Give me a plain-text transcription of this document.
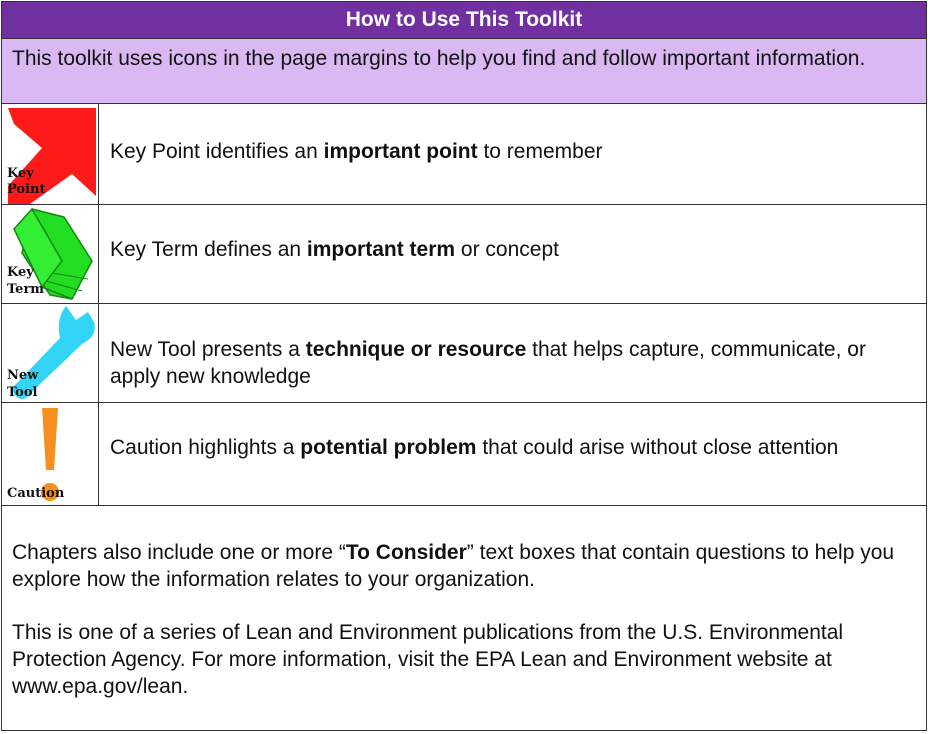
How to Use This Toolkit
This toolkit uses icons in the page margins to help you find and follow important information.
Key
Point
Key Point identifies an important point to remember
Key
Term
Key Term defines an important term or concept
New
Tool
New Tool presents a technique or resource that helps capture, communicate, or apply new knowledge
Caution
Caution highlights a potential problem that could arise without close attention
Chapters also include one or more “To Consider” text boxes that contain questions to help you explore how the information relates to your organization.
This is one of a series of Lean and Environment publications from the U.S. Environmental Protection Agency. For more information, visit the EPA Lean and Environment website at www.epa.gov/lean.
